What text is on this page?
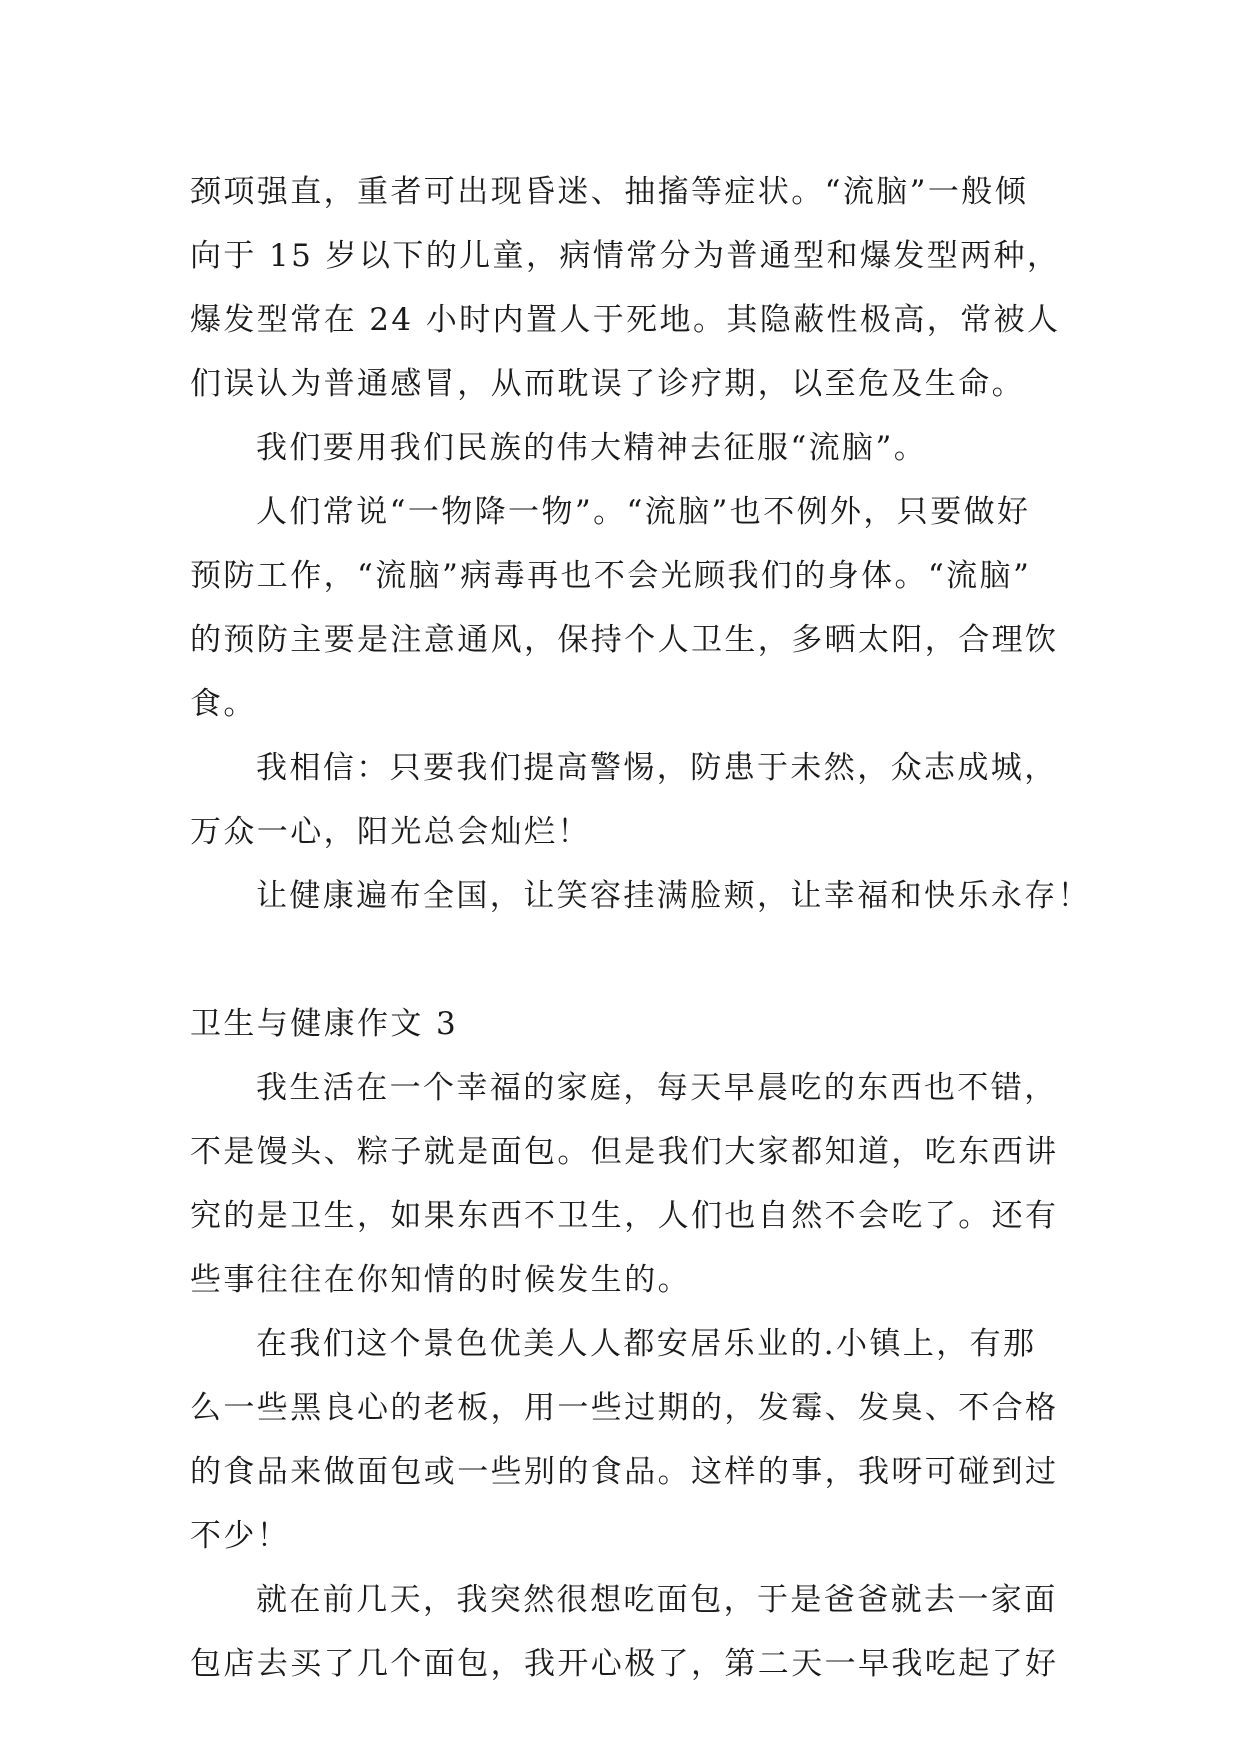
颈项强直，重者可出现昏迷、抽搐等症状。“流脑”一般倾
向于 15 岁以下的儿童，病情常分为普通型和爆发型两种，
爆发型常在 24 小时内置人于死地。其隐蔽性极高，常被人
们误认为普通感冒，从而耽误了诊疗期，以至危及生命。
我们要用我们民族的伟大精神去征服“流脑”。
人们常说“一物降一物”。“流脑”也不例外，只要做好
预防工作，“流脑”病毒再也不会光顾我们的身体。“流脑”
的预防主要是注意通风，保持个人卫生，多晒太阳，合理饮
食。
我相信：只要我们提高警惕，防患于未然，众志成城，
万众一心，阳光总会灿烂！
让健康遍布全国，让笑容挂满脸颊，让幸福和快乐永存！
卫生与健康作文 3
我生活在一个幸福的家庭，每天早晨吃的东西也不错，
不是馒头、粽子就是面包。但是我们大家都知道，吃东西讲
究的是卫生，如果东西不卫生，人们也自然不会吃了。还有
些事往往在你知情的时候发生的。
在我们这个景色优美人人都安居乐业的.小镇上，有那
么一些黑良心的老板，用一些过期的，发霉、发臭、不合格
的食品来做面包或一些别的食品。这样的事，我呀可碰到过
不少！
就在前几天，我突然很想吃面包，于是爸爸就去一家面
包店去买了几个面包，我开心极了，第二天一早我吃起了好
